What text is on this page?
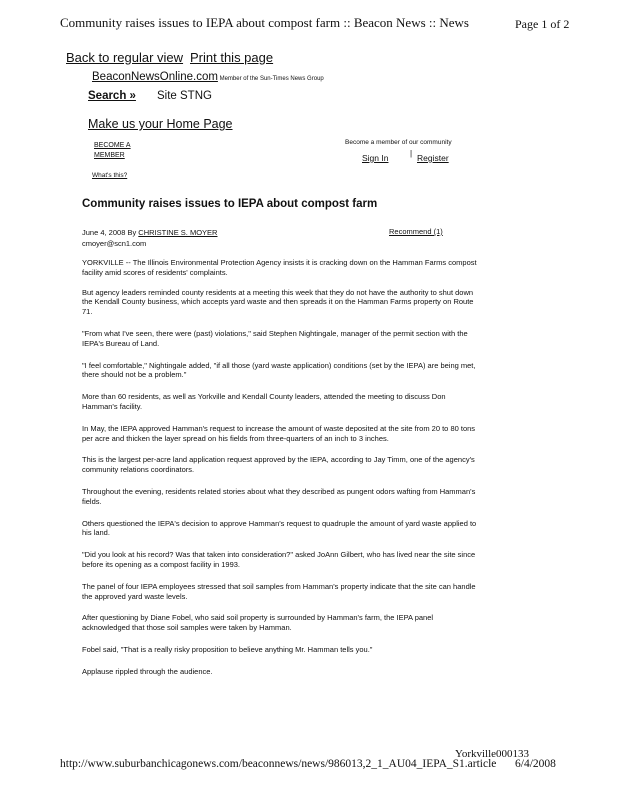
Community raises issues to IEPA about compost farm :: Beacon News :: News	Page 1 of 2
Back to regular view Print this page
BeaconNewsOnline.com Member of the Sun-Times News Group
Search » Site STNG
Make us your Home Page
BECOME A MEMBER
Become a member of our community
Sign In	| Register
What's this?
Community raises issues to IEPA about compost farm
June 4, 2008 By CHRISTINE S. MOYER
cmoyer@scn1.com
Recommend (1)

YORKVILLE -- The Illinois Environmental Protection Agency insists it is cracking down on the Hamman Farms compost facility amid scores of residents' complaints.

But agency leaders reminded county residents at a meeting this week that they do not have the authority to shut down the Kendall County business, which accepts yard waste and then spreads it on the Hamman Farms property on Route 71.

"From what I've seen, there were (past) violations," said Stephen Nightingale, manager of the permit section with the IEPA's Bureau of Land.

"I feel comfortable," Nightingale added, "if all those (yard waste application) conditions (set by the IEPA) are being met, there should not be a problem."

More than 60 residents, as well as Yorkville and Kendall County leaders, attended the meeting to discuss Don Hamman's facility.

In May, the IEPA approved Hamman's request to increase the amount of waste deposited at the site from 20 to 80 tons per acre and thicken the layer spread on his fields from three-quarters of an inch to 3 inches.

This is the largest per-acre land application request approved by the IEPA, according to Jay Timm, one of the agency's community relations coordinators.

Throughout the evening, residents related stories about what they described as pungent odors wafting from Hamman's fields.

Others questioned the IEPA's decision to approve Hamman's request to quadruple the amount of yard waste applied to his land.

"Did you look at his record? Was that taken into consideration?" asked JoAnn Gilbert, who has lived near the site since before its opening as a compost facility in 1993.

The panel of four IEPA employees stressed that soil samples from Hamman's property indicate that the site can handle the approved yard waste levels.

After questioning by Diane Fobel, who said soil property is surrounded by Hamman's farm, the IEPA panel acknowledged that those soil samples were taken by Hamman.

Fobel said, "That is a really risky proposition to believe anything Mr. Hamman tells you."

Applause rippled through the audience.

Yorkville000133
http://www.suburbanchicagonews.com/beaconnews/news/986013,2_1_AU04_IEPA_S1.article 6/4/2008
